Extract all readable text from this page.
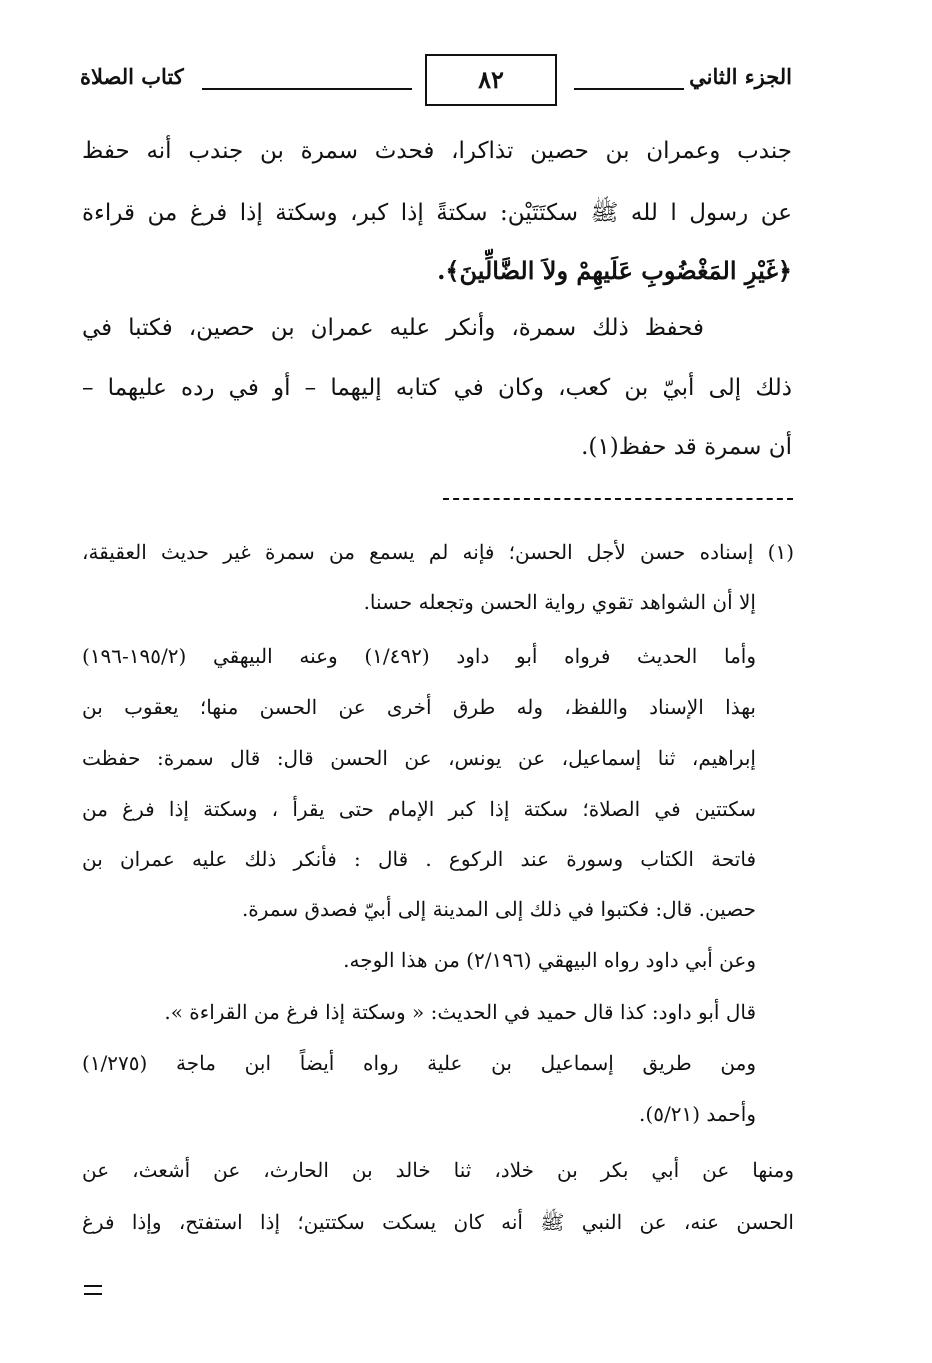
الجزء الثاني
٨٢
كتاب الصلاة
جندب وعمران بن حصين تذاكرا، فحدث سمرة بن جندب أنه حفظ
عن رسول ا لله ﷺ سكتَتَيْن: سكتةً إذا كبر، وسكتة إذا فرغ من قراءة
﴿غَيْرِ المَغْضُوبِ عَلَيهِمْ ولاَ الضَّالِّينَ﴾.
فحفظ ذلك سمرة، وأنكر عليه عمران بن حصين، فكتبا في
ذلك إلى أبيّ بن كعب، وكان في كتابه إليهما – أو في رده عليهما –
أن سمرة قد حفظ(١).
(١) إسناده حسن لأجل الحسن؛ فإنه لم يسمع من سمرة غير حديث العقيقة،
إلا أن الشواهد تقوي رواية الحسن وتجعله حسنا.
وأما الحديث فرواه أبو داود (١/٤٩٢) وعنه البيهقي (١٩٥/٢-١٩٦)
بهذا الإسناد واللفظ، وله طرق أخرى عن الحسن منها؛ يعقوب بن
إبراهيم، ثنا إسماعيل، عن يونس، عن الحسن قال: قال سمرة: حفظت
سكتتين في الصلاة؛ سكتة إذا كبر الإمام حتى يقرأ ، وسكتة إذا فرغ من
فاتحة الكتاب وسورة عند الركوع . قال : فأنكر ذلك عليه عمران بن
حصين. قال: فكتبوا في ذلك إلى المدينة إلى أبيّ فصدق سمرة.
وعن أبي داود رواه البيهقي (٢/١٩٦) من هذا الوجه.
قال أبو داود: كذا قال حميد في الحديث: « وسكتة إذا فرغ من القراءة ».
ومن طريق إسماعيل بن علية رواه أيضاً ابن ماجة (١/٢٧٥)
وأحمد (٥/٢١).
ومنها عن أبي بكر بن خلاد، ثنا خالد بن الحارث، عن أشعث، عن
الحسن عنه، عن النبي ﷺ أنه كان يسكت سكتتين؛ إذا استفتح، وإذا فرغ
